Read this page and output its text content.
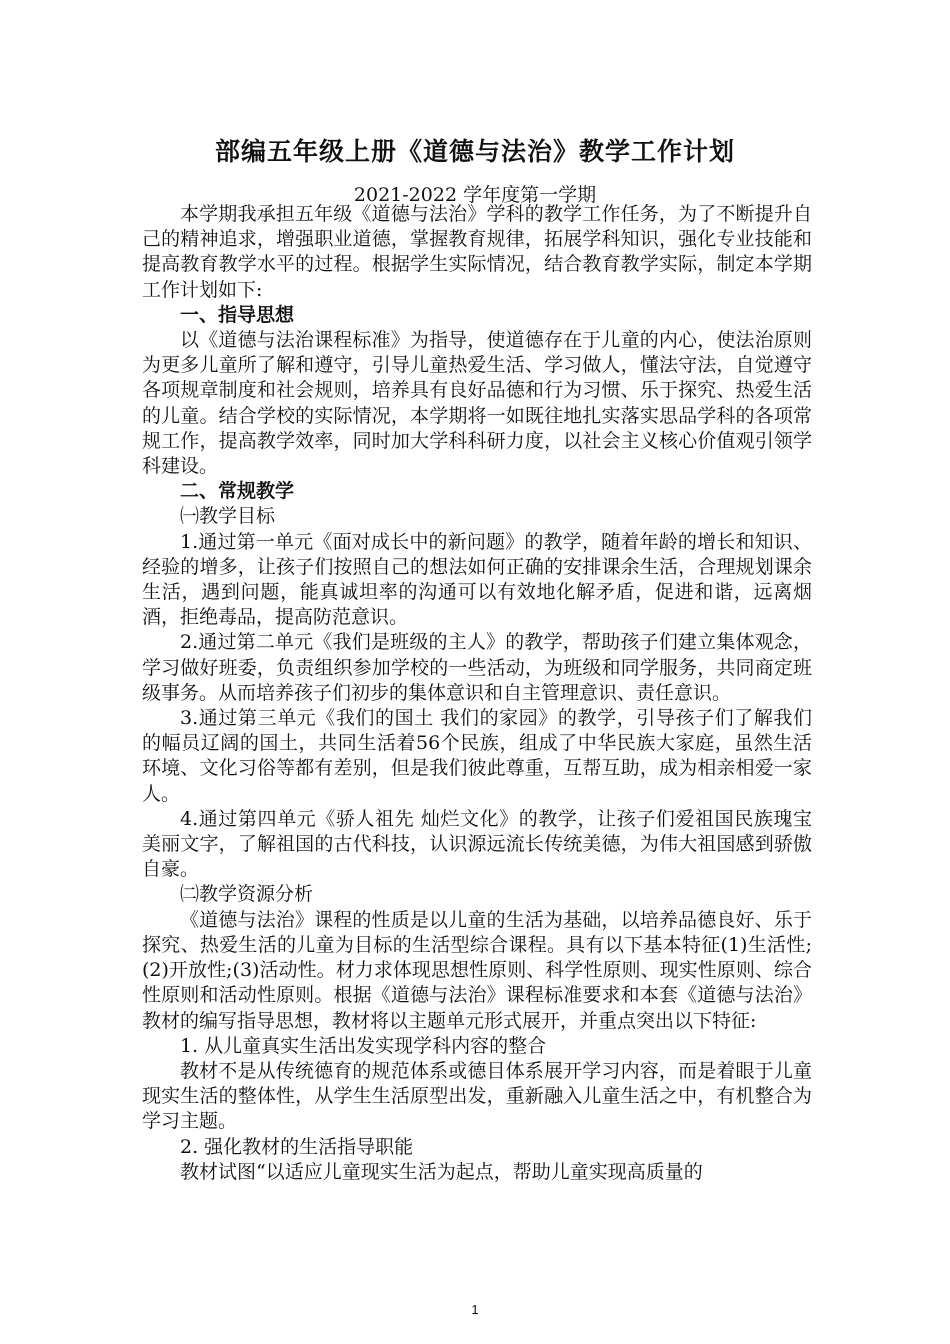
部编五年级上册《道德与法治》教学工作计划
2021-2022 学年度第一学期

本学期我承担五年级《道德与法治》学科的教学工作任务，为了不断提升自己的精神追求，增强职业道德，掌握教育规律，拓展学科知识，强化专业技能和提高教育教学水平的过程。根据学生实际情况，结合教育教学实际，制定本学期工作计划如下:

一、指导思想

以《道德与法治课程标准》为指导，使道德存在于儿童的内心，使法治原则为更多儿童所了解和遵守，引导儿童热爱生活、学习做人，懂法守法，自觉遵守各项规章制度和社会规则，培养具有良好品德和行为习惯、乐于探究、热爱生活的儿童。结合学校的实际情况，本学期将一如既往地扎实落实思品学科的各项常规工作，提高教学效率，同时加大学科科研力度，以社会主义核心价值观引领学科建设。

二、常规教学

㈠教学目标

1.通过第一单元《面对成长中的新问题》的教学，随着年龄的增长和知识、经验的增多，让孩子们按照自己的想法如何正确的安排课余生活，合理规划课余生活，遇到问题，能真诚坦率的沟通可以有效地化解矛盾，促进和谐，远离烟酒，拒绝毒品，提高防范意识。

2.通过第二单元《我们是班级的主人》的教学，帮助孩子们建立集体观念，学习做好班委，负责组织参加学校的一些活动，为班级和同学服务，共同商定班级事务。从而培养孩子们初步的集体意识和自主管理意识、责任意识。

3.通过第三单元《我们的国土 我们的家园》的教学，引导孩子们了解我们的幅员辽阔的国土，共同生活着56个民族，组成了中华民族大家庭，虽然生活环境、文化习俗等都有差别，但是我们彼此尊重，互帮互助，成为相亲相爱一家人。

4.通过第四单元《骄人祖先 灿烂文化》的教学，让孩子们爱祖国民族瑰宝美丽文字，了解祖国的古代科技，认识源远流长传统美德，为伟大祖国感到骄傲自豪。

㈡教学资源分析

《道德与法治》课程的性质是以儿童的生活为基础，以培养品德良好、乐于探究、热爱生活的儿童为目标的生活型综合课程。具有以下基本特征(1)生活性;(2)开放性;(3)活动性。材力求体现思想性原则、科学性原则、现实性原则、综合性原则和活动性原则。根据《道德与法治》课程标准要求和本套《道德与法治》教材的编写指导思想，教材将以主题单元形式展开，并重点突出以下特征:

1. 从儿童真实生活出发实现学科内容的整合

教材不是从传统德育的规范体系或德目体系展开学习内容，而是着眼于儿童现实生活的整体性，从学生生活原型出发，重新融入儿童生活之中，有机整合为学习主题。

2. 强化教材的生活指导职能

教材试图“以适应儿童现实生活为起点，帮助儿童实现高质量的

1
